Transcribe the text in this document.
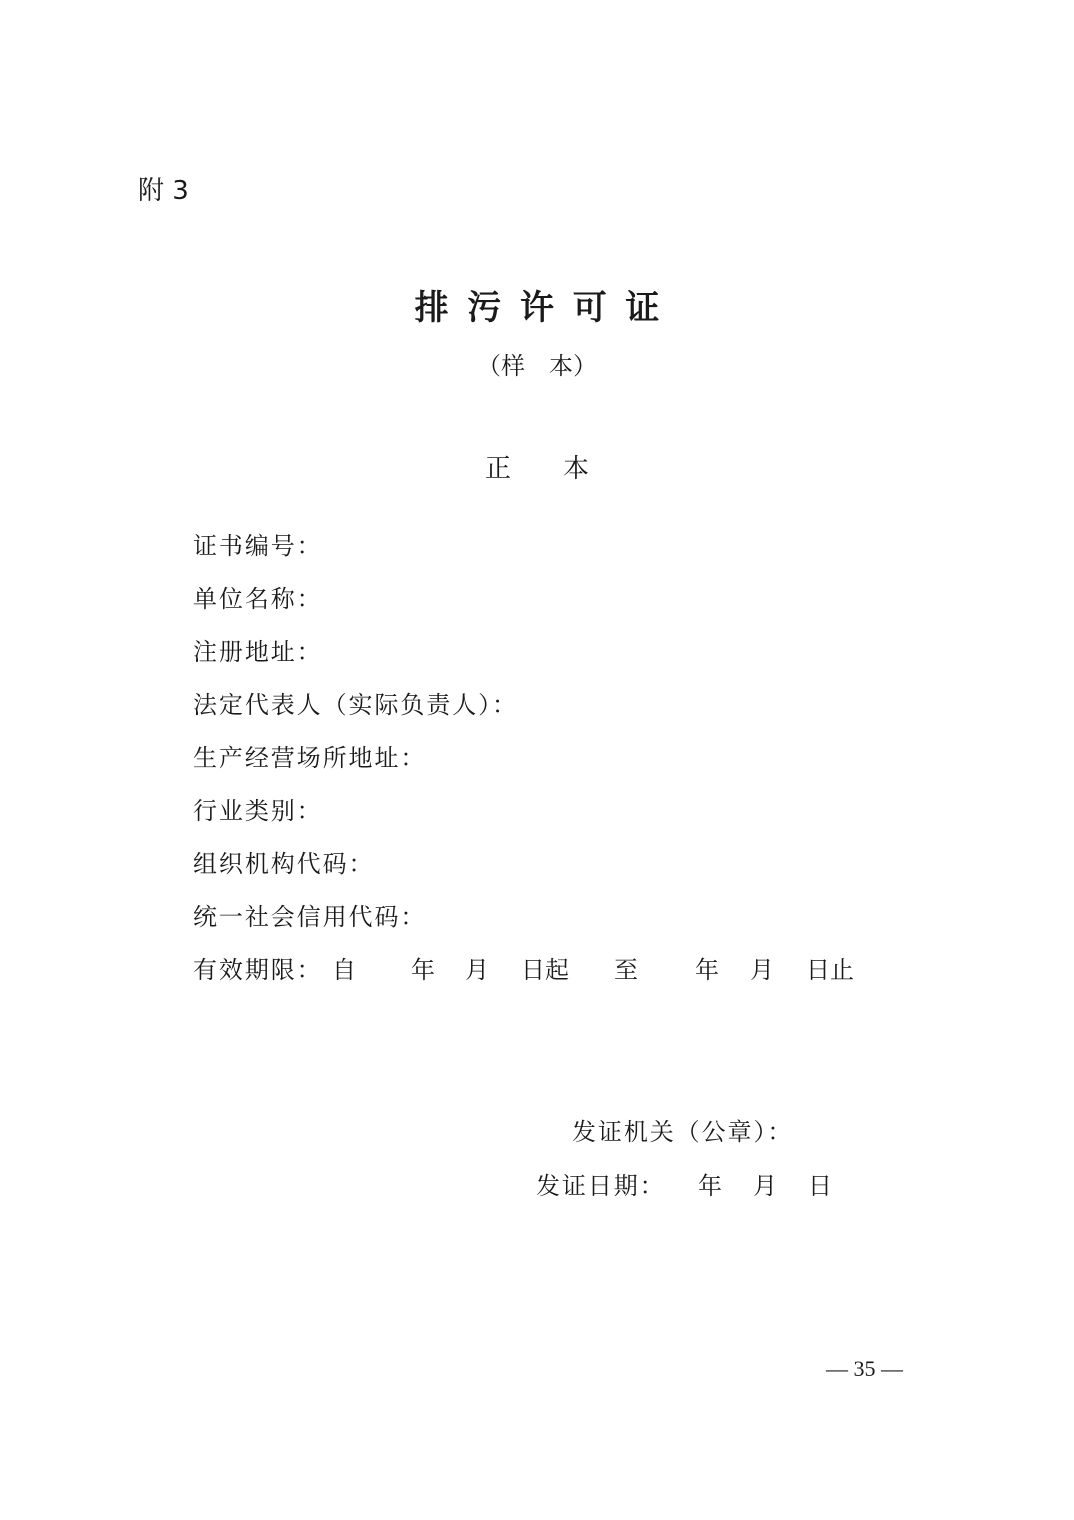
附 3
排污许可证
（样　本）
正　　本
证书编号：
单位名称：
注册地址：
法定代表人（实际负责人）：
生产经营场所地址：
行业类别：
组织机构代码：
统一社会信用代码：
有效期限： 自 年 月 日起 至 年 月 日止
发证机关（公章）：
发证日期： 年 月 日
— 35 —
